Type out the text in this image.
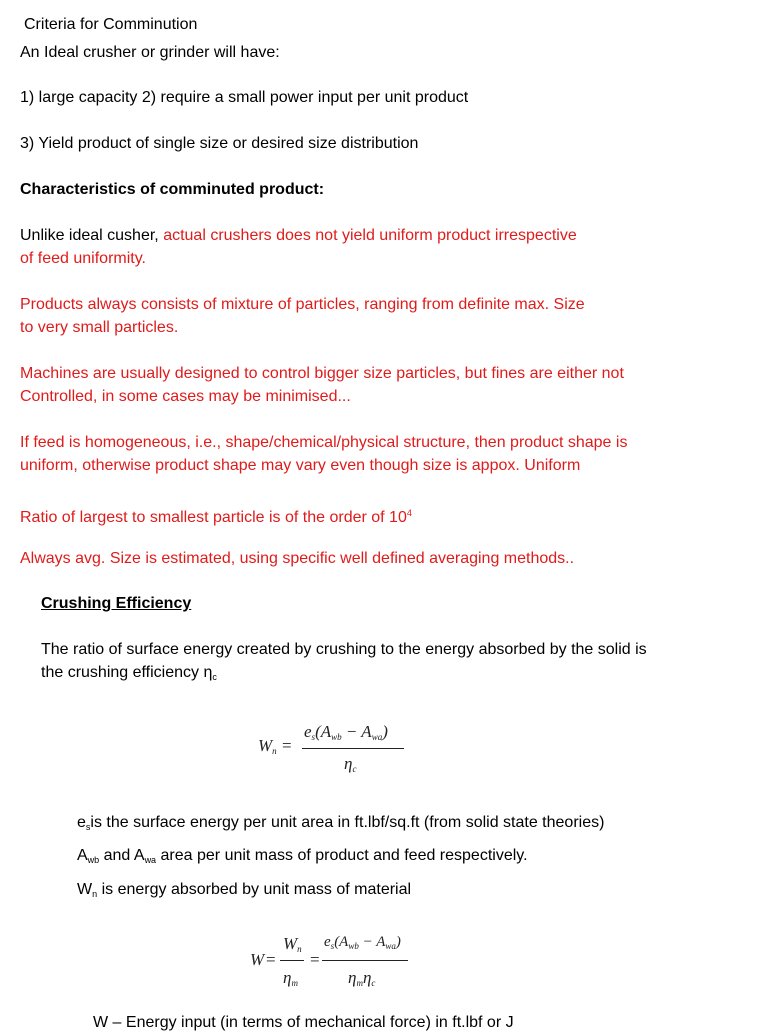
Criteria for Comminution
An Ideal crusher or grinder will have:
1) large capacity 2) require a small power input per unit product
3) Yield product of single size or desired size distribution
Characteristics of comminuted product:
Unlike ideal cusher, actual crushers does not yield uniform product irrespective
of feed uniformity.
Products always consists of mixture of particles, ranging from definite max. Size
to very small particles.
Machines are usually designed to control bigger size particles, but fines are either not
Controlled, in some cases may be minimised...
If feed is homogeneous, i.e., shape/chemical/physical structure, then product shape is
uniform, otherwise product shape may vary even though size is appox. Uniform
Ratio of largest to smallest particle is of the order of $10^4$
Always avg. Size is estimated, using specific well defined averaging methods..
Crushing Efficiency
The ratio of surface energy created by crushing to the energy absorbed by the solid is
the crushing efficiency $\eta_c$
$W_n$ =
$e_s(A_{wb} - A_{wa})$
$\eta_c$
$e_sis$ the surface energy per unit area in ft.lbf/sq.ft (from solid state theories)
$A_{wb}$ and $A_{wa}$ area per unit mass of product and feed respectively.
$W_n$ is energy absorbed by unit mass of material
W =
$W_n$
$\eta_m$
=
$e_s(A_{wb} - A_{wa})$
$\eta_m\eta_c$
W – Energy input (in terms of mechanical force) in ft.lbf or J
